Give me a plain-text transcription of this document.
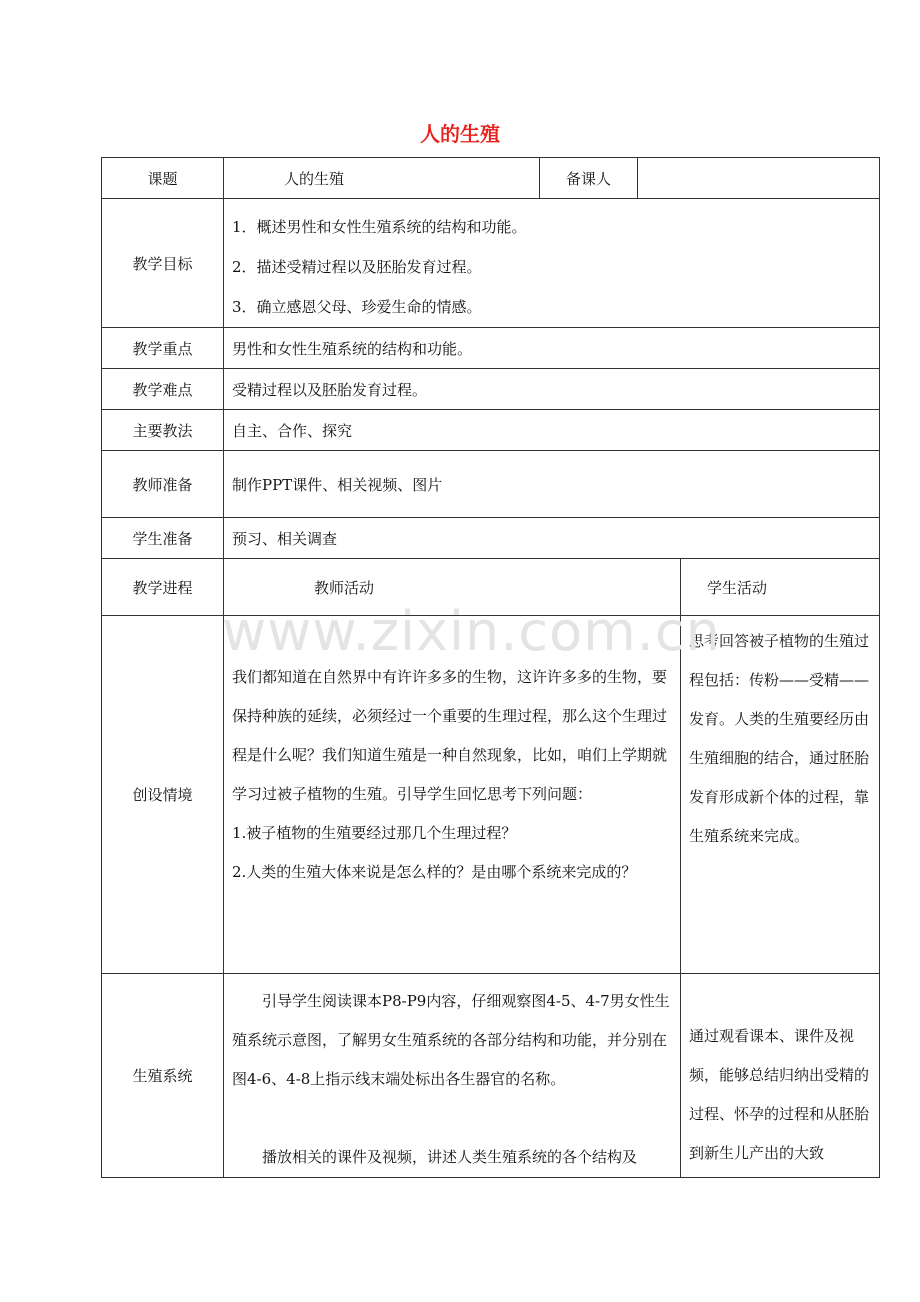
人的生殖
课题	人的生殖	备课人		
教学目标	1．概述男性和女性生殖系统的结构和功能。
2．描述受精过程以及胚胎发育过程。
3．确立感恩父母、珍爱生命的情感。			

教学重点	男性和女性生殖系统的结构和功能。			
教学难点	受精过程以及胚胎发育过程。			
主要教法	自主、合作、探究			
教师准备	制作PPT课件、相关视频、图片			
学生准备	预习、相关调查			
教学进程	教师活动			学生活动
创设情境	我们都知道在自然界中有许许多多的生物，这许许多多的生物，要保持种族的延续，必须经过一个重要的生理过程，那么这个生理过程是什么呢？我们知道生殖是一种自然现象，比如，咱们上学期就学习过被子植物的生殖。引导学生回忆思考下列问题：
1.被子植物的生殖要经过那几个生理过程？
2.人类的生殖大体来说是怎么样的？是由哪个系统来完成的？			思考回答被子植物的生殖过程包括：传粉——受精——发育。人类的生殖要经历由生殖细胞的结合，通过胚胎发育形成新个体的过程，靠生殖系统来完成。
生殖系统	引导学生阅读课本P8-P9内容，仔细观察图4-5、4-7男女性生殖系统示意图，了解男女生殖系统的各部分结构和功能，并分别在图4-6、4-8上指示线末端处标出各生器官的名称。
播放相关的课件及视频，讲述人类生殖系统的各个结构及			通过观看课本、课件及视频，能够总结归纳出受精的过程、怀孕的过程和从胚胎到新生儿产出的大致
www.zixin.com.cn
